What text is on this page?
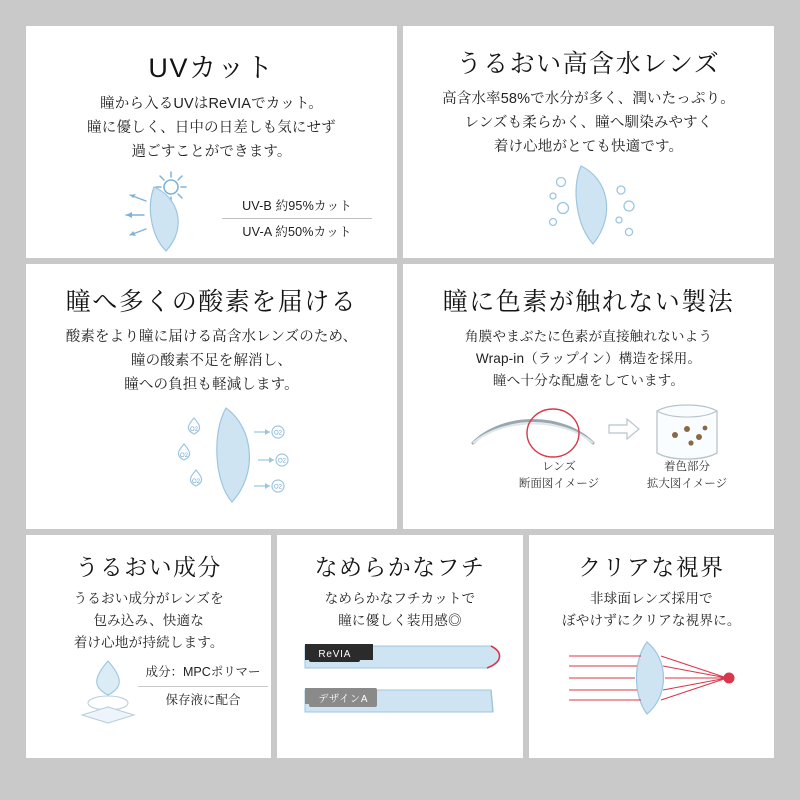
UVカット
瞳から入るUVはReVIAでカット。
瞳に優しく、日中の日差しも気にせず
過ごすことができます。
UV-B 約95%カット
UV-A 約50%カット
うるおい高含水レンズ
高含水率58%で水分が多く、潤いたっぷり。
レンズも柔らかく、瞳へ馴染みやすく
着け心地がとても快適です。
瞳へ多くの酸素を届ける
酸素をより瞳に届ける高含水レンズのため、
瞳の酸素不足を解消し、
瞳への負担も軽減します。
O2
O2
O2
O2
O2
O2
瞳に色素が触れない製法
角膜やまぶたに色素が直接触れないよう
Wrap-in（ラップイン）構造を採用。
瞳へ十分な配慮をしています。
レンズ
断面図イメージ
着色部分
拡大図イメージ
うるおい成分
うるおい成分がレンズを
包み込み、快適な
着け心地が持続します。
成分：MPCポリマー
保存液に配合
なめらかなフチ
なめらかなフチカットで
瞳に優しく装用感◎
ReVIA
デザインA
クリアな視界
非球面レンズ採用で
ぼやけずにクリアな視界に。
